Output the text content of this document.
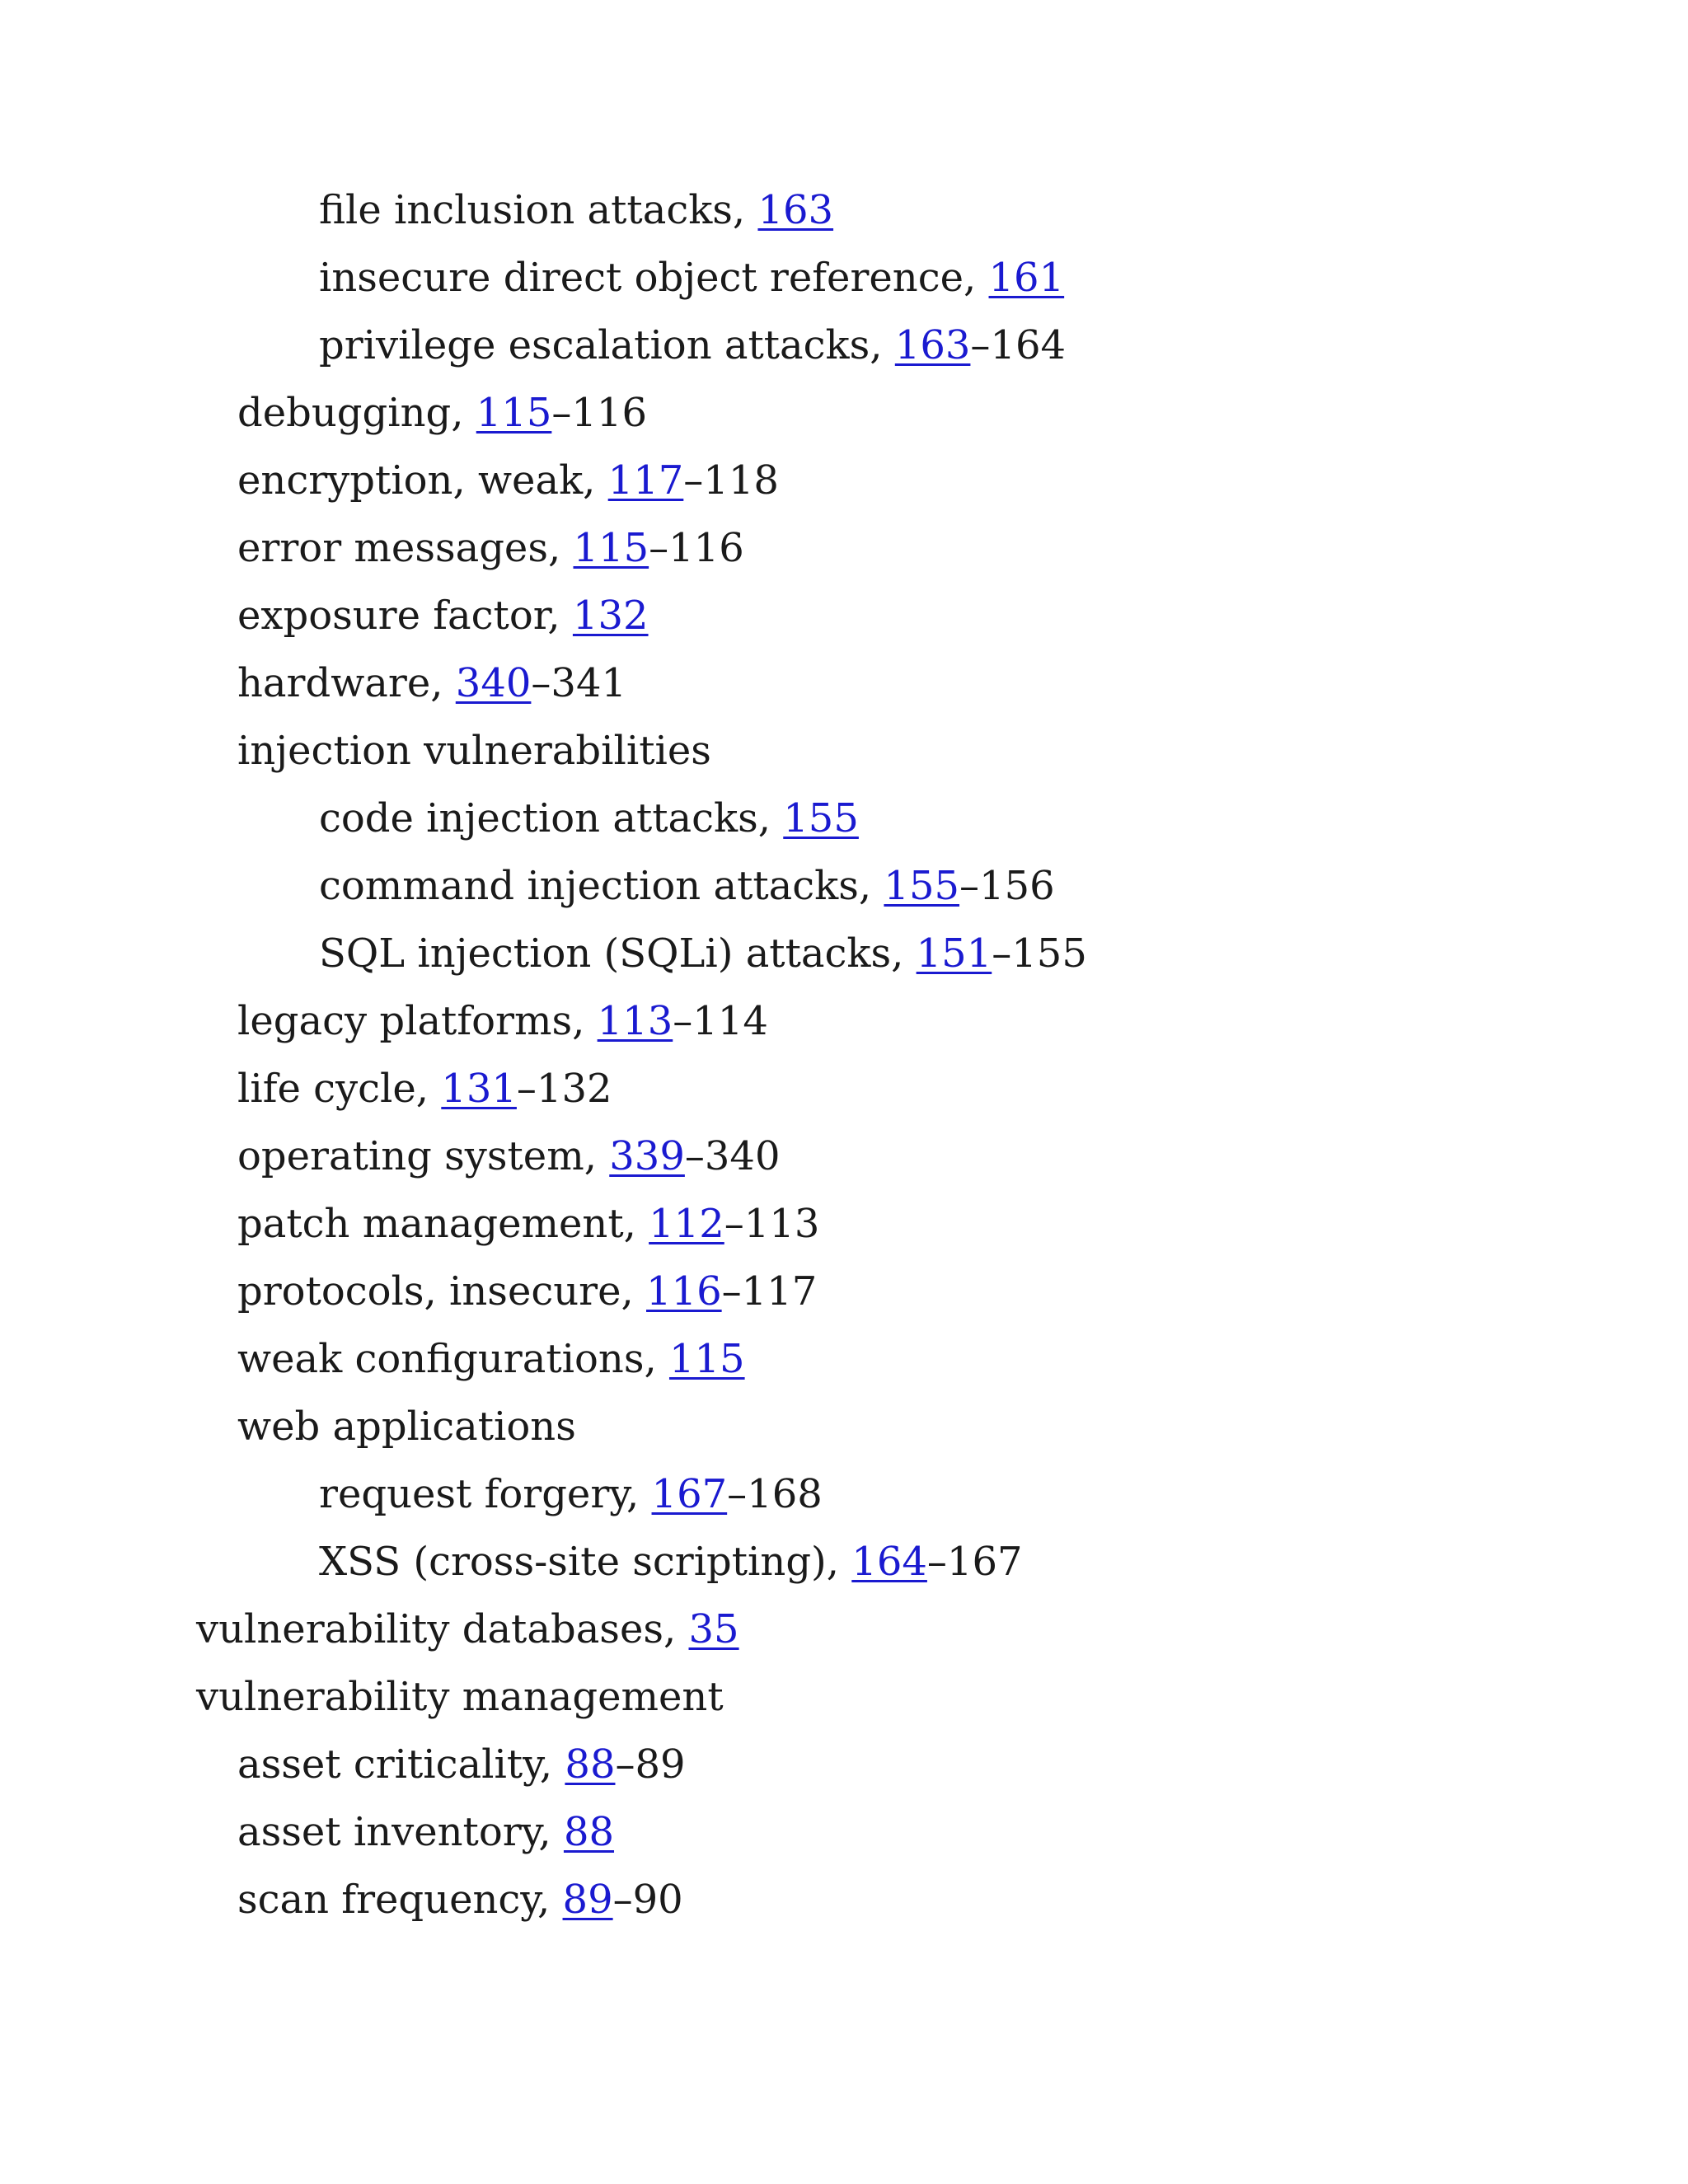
file inclusion attacks, 163
insecure direct object reference, 161
privilege escalation attacks, 163–164
debugging, 115–116
encryption, weak, 117–118
error messages, 115–116
exposure factor, 132
hardware, 340–341
injection vulnerabilities
code injection attacks, 155
command injection attacks, 155–156
SQL injection (SQLi) attacks, 151–155
legacy platforms, 113–114
life cycle, 131–132
operating system, 339–340
patch management, 112–113
protocols, insecure, 116–117
weak configurations, 115
web applications
request forgery, 167–168
XSS (cross-site scripting), 164–167
vulnerability databases, 35
vulnerability management
asset criticality, 88–89
asset inventory, 88
scan frequency, 89–90
